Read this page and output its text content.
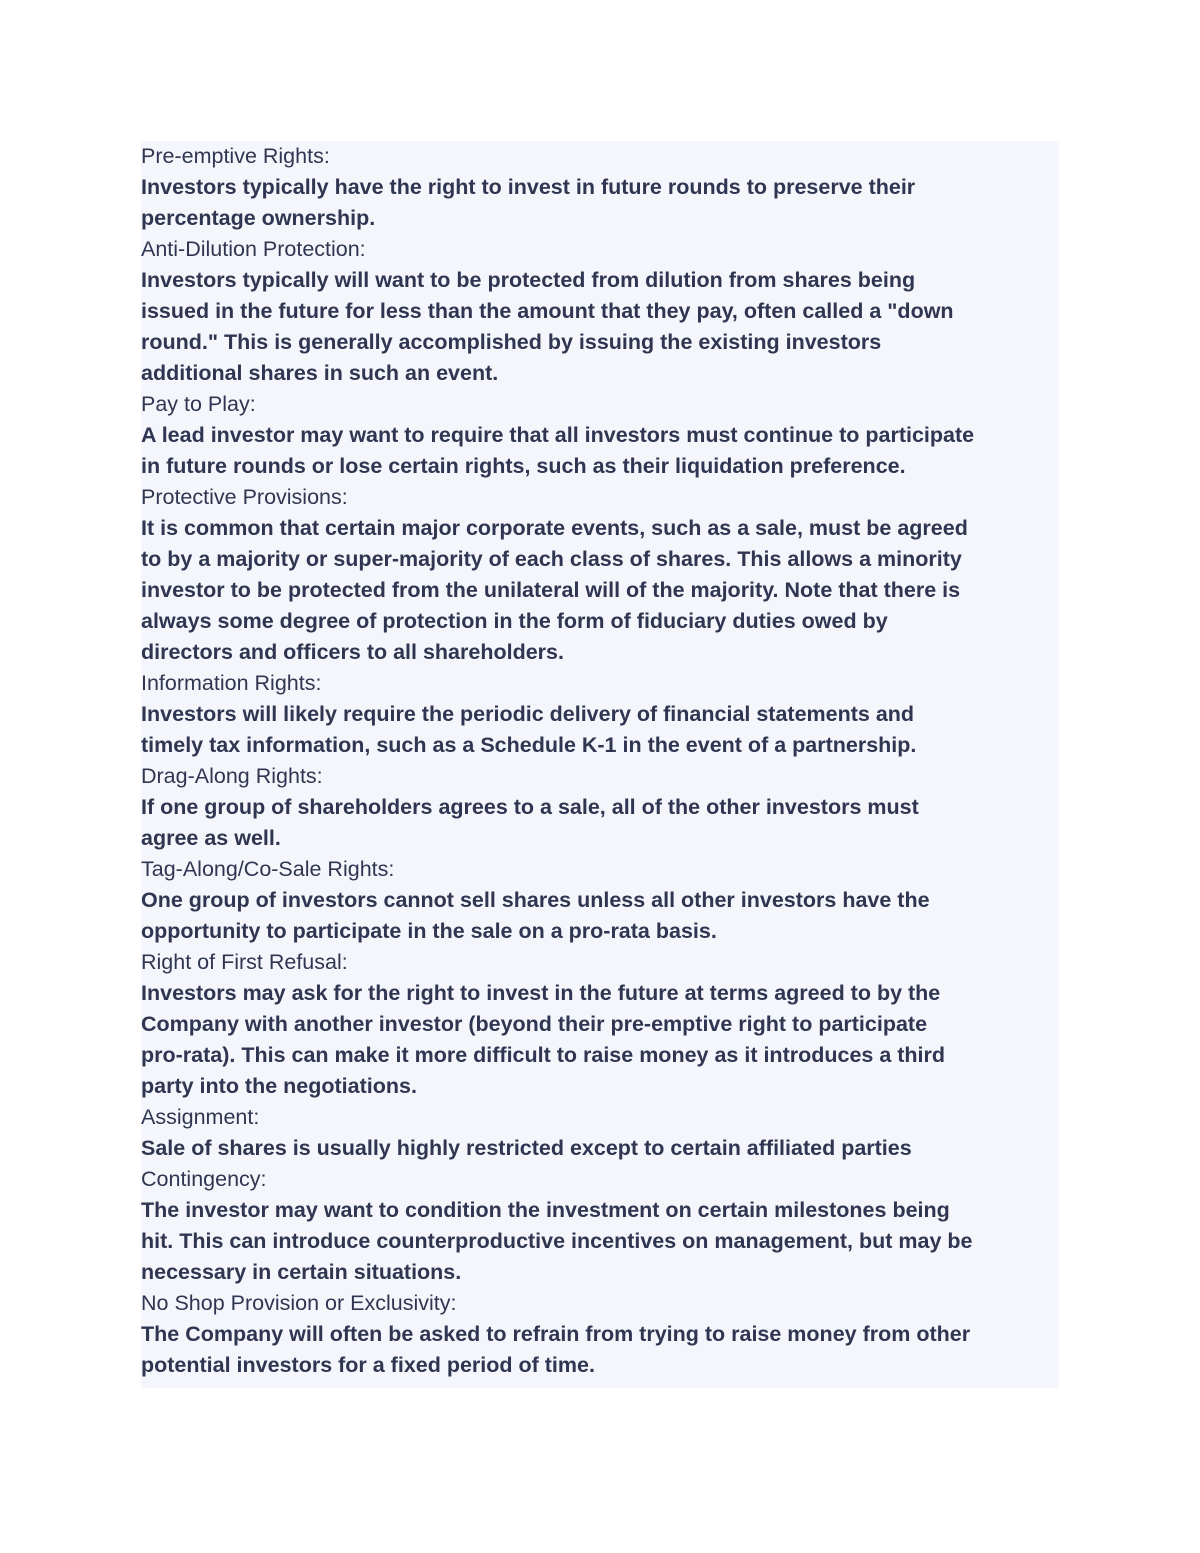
Pre-emptive Rights:

Investors typically have the right to invest in future rounds to preserve their

percentage ownership.

Anti-Dilution Protection:

Investors typically will want to be protected from dilution from shares being

issued in the future for less than the amount that they pay, often called a "down

round." This is generally accomplished by issuing the existing investors

additional shares in such an event.

Pay to Play:

A lead investor may want to require that all investors must continue to participate

in future rounds or lose certain rights, such as their liquidation preference.

Protective Provisions:

It is common that certain major corporate events, such as a sale, must be agreed

to by a majority or super-majority of each class of shares. This allows a minority

investor to be protected from the unilateral will of the majority. Note that there is

always some degree of protection in the form of fiduciary duties owed by

directors and officers to all shareholders.

Information Rights:

Investors will likely require the periodic delivery of financial statements and

timely tax information, such as a Schedule K-1 in the event of a partnership.

Drag-Along Rights:

If one group of shareholders agrees to a sale, all of the other investors must

agree as well.

Tag-Along/Co-Sale Rights:

One group of investors cannot sell shares unless all other investors have the

opportunity to participate in the sale on a pro-rata basis.

Right of First Refusal:

Investors may ask for the right to invest in the future at terms agreed to by the

Company with another investor (beyond their pre-emptive right to participate

pro-rata). This can make it more difficult to raise money as it introduces a third

party into the negotiations.

Assignment:

Sale of shares is usually highly restricted except to certain affiliated parties

Contingency:

The investor may want to condition the investment on certain milestones being

hit. This can introduce counterproductive incentives on management, but may be

necessary in certain situations.

No Shop Provision or Exclusivity:

The Company will often be asked to refrain from trying to raise money from other

potential investors for a fixed period of time.
